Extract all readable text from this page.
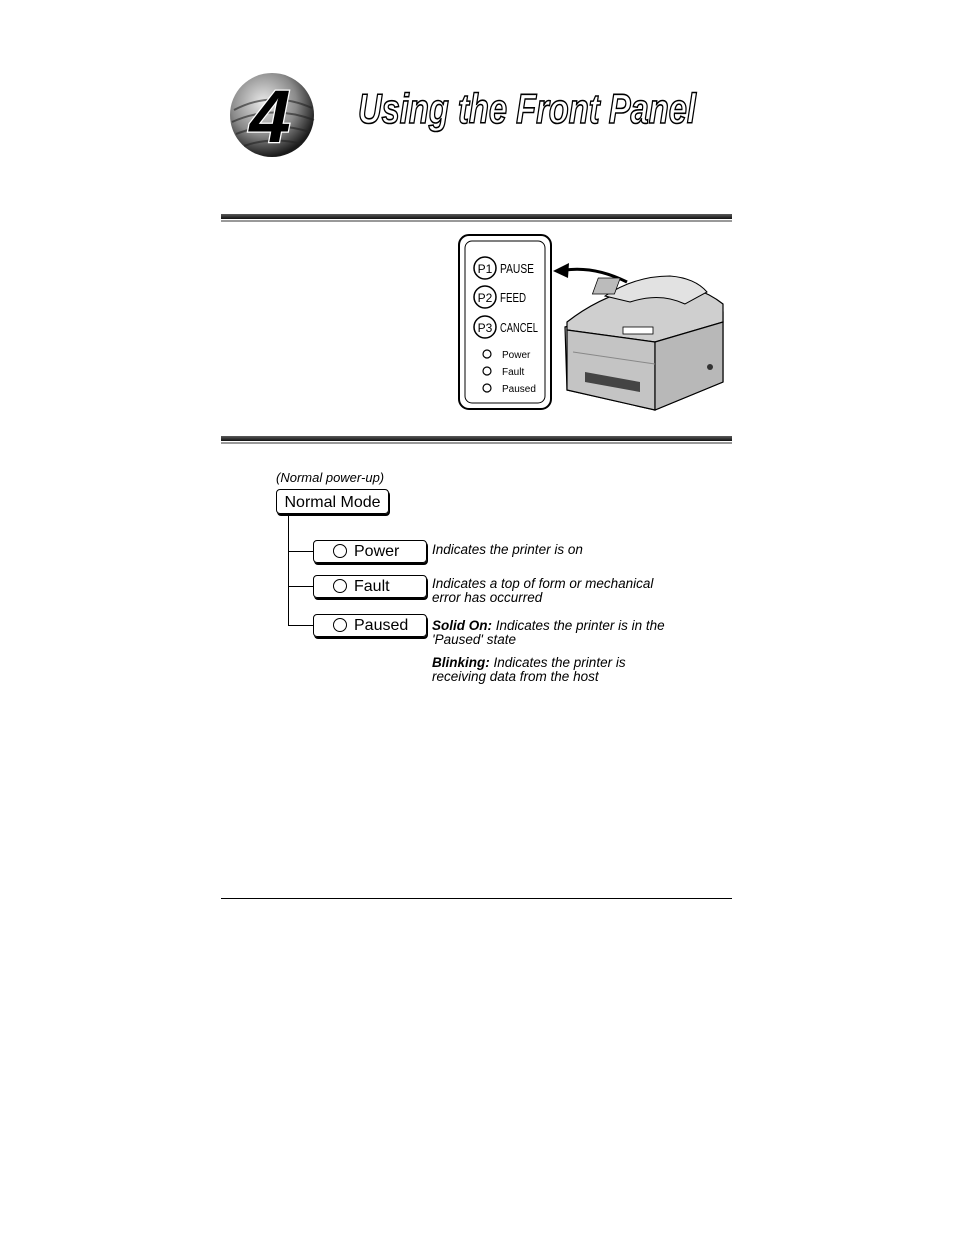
4 Using the Front Panel
P1 PAUSE
P2 FEED
P3 CANCEL
Power
Fault
Paused
(Normal power-up)
Normal Mode
Power
Fault
Paused
Indicates the printer is on
Indicates a top of form or mechanical
error has occurred
Solid On: Indicates the printer is in the
'Paused' state
Blinking: Indicates the printer is
receiving data from the host
